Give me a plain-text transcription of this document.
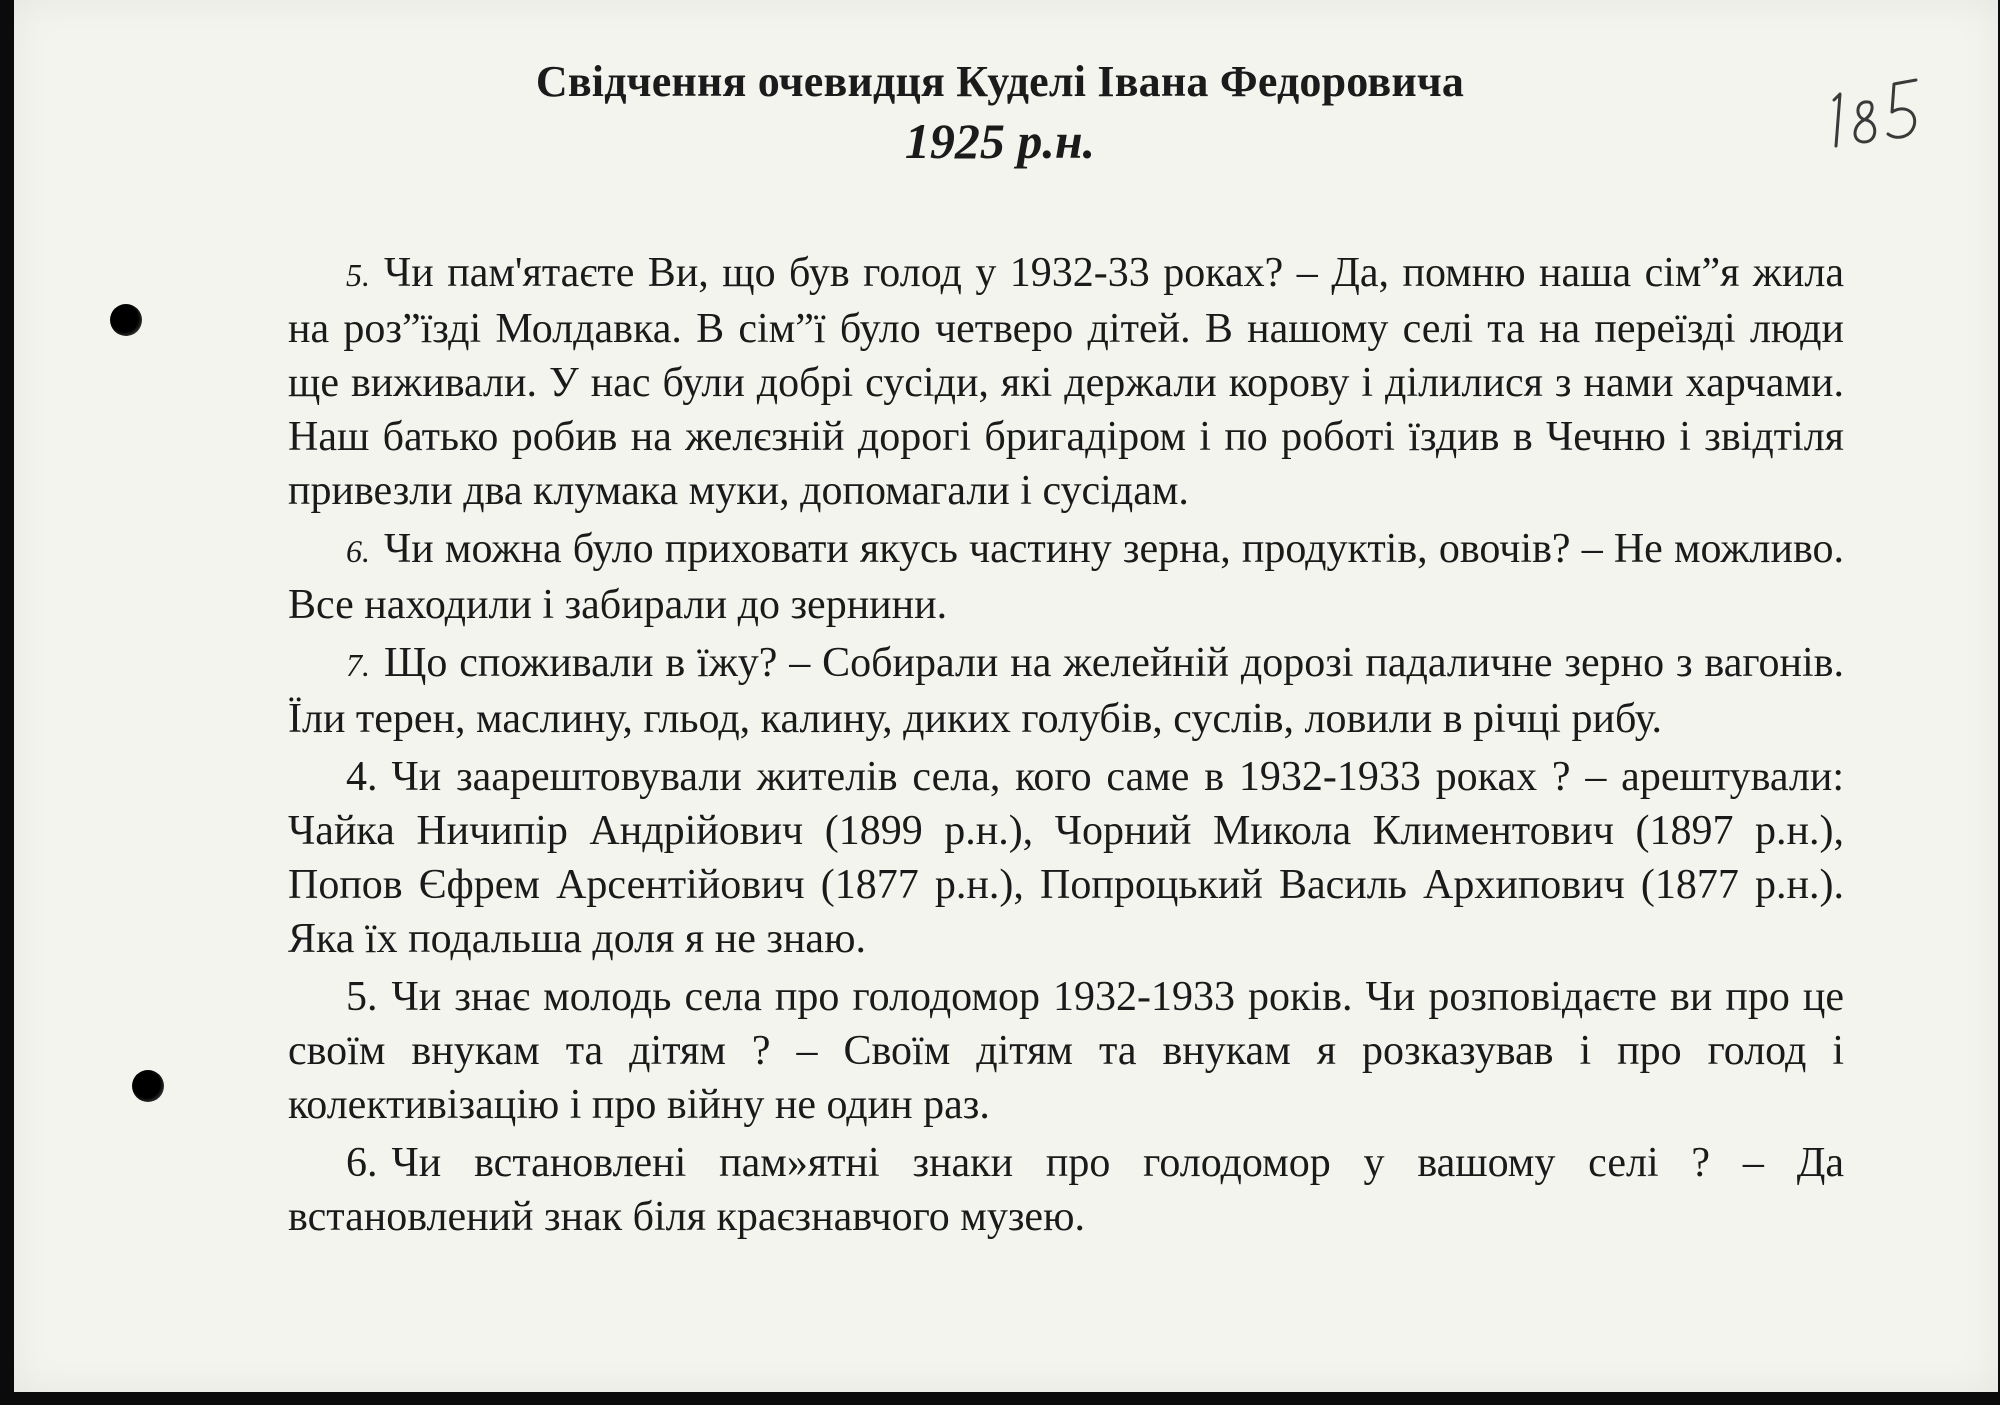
Свідчення очевидця Куделі Івана Федоровича
1925 р.н.

5. Чи пам'ятаєте Ви, що був голод у 1932-33 роках? – Да, помню наша сім”я жила на роз”їзді Молдавка. В сім”ї було четверо дітей. В нашому селі та на переїзді люди ще виживали. У нас були добрі сусіди, які держали корову і ділилися з нами харчами. Наш батько робив на желєзній дорогі бригадіром і по роботі їздив в Чечню і звідтіля привезли два клумака муки, допомагали і сусідам.

6. Чи можна було приховати якусь частину зерна, продуктів, овочів? – Не можливо. Все находили і забирали до зернини.

7. Що споживали в їжу? – Собирали на желейній дорозі падаличне зерно з вагонів. Їли терен, маслину, гльод, калину, диких голубів, суслів, ловили в річці рибу.

4. Чи заарештовували жителів села, кого саме в 1932-1933 роках ? – арештували: Чайка Ничипір Андрійович (1899 р.н.), Чорний Микола Климентович (1897 р.н.), Попов Єфрем Арсентійович (1877 р.н.), Попроцький Василь Архипович (1877 р.н.). Яка їх подальша доля я не знаю.

5. Чи знає молодь села про голодомор 1932-1933 років. Чи розповідаєте ви про це своїм внукам та дітям ? – Своїм дітям та внукам я розказував і про голод і колективізацію і про війну не один раз.

6. Чи встановлені пам»ятні знаки про голодомор у вашому селі ? – Да встановлений знак біля краєзнавчого музею.
